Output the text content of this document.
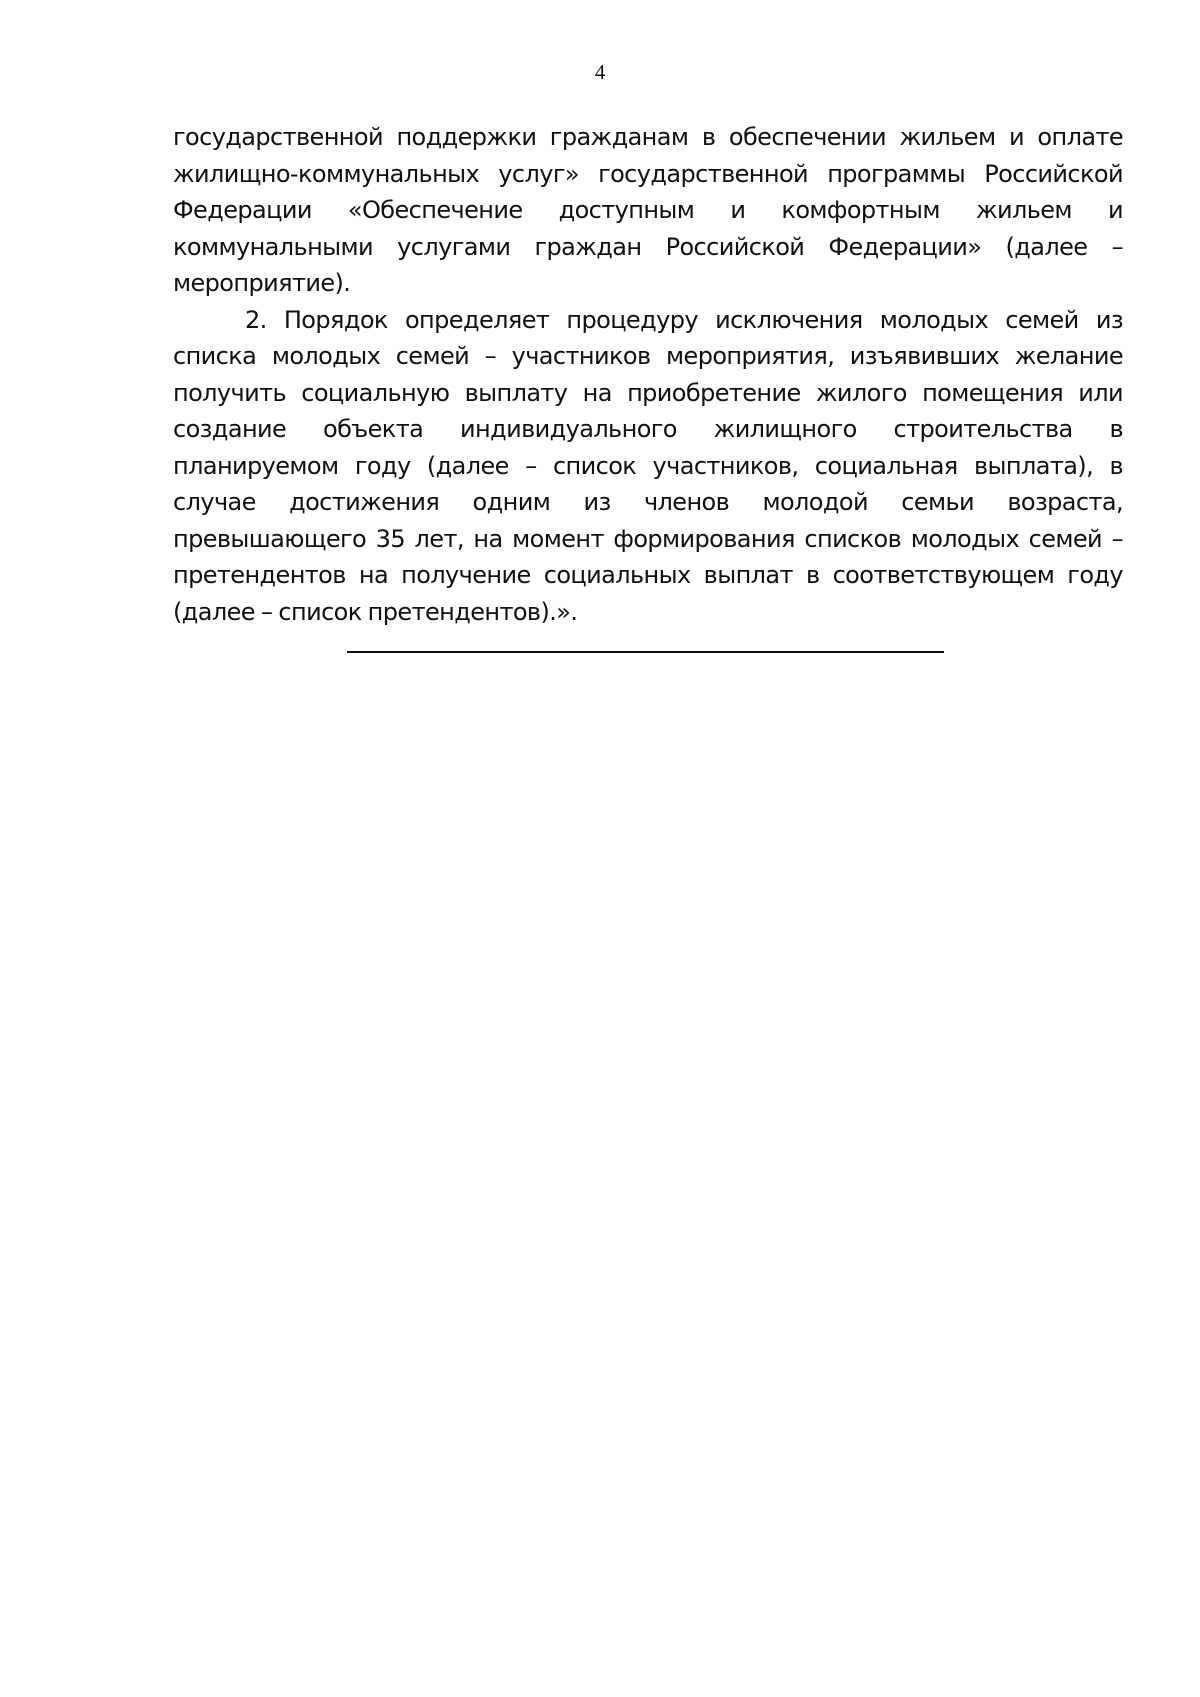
4

государственной поддержки гражданам в обеспечении жильем и оплате жилищно-коммунальных услуг» государственной программы Российской Федерации «Обеспечение доступным и комфортным жильем и коммунальными услугами граждан Российской Федерации» (далее – мероприятие).

2. Порядок определяет процедуру исключения молодых семей из списка молодых семей – участников мероприятия, изъявивших желание получить социальную выплату на приобретение жилого помещения или создание объекта индивидуального жилищного строительства в планируемом году (далее – список участников, социальная выплата), в случае достижения одним из членов молодой семьи возраста, превышающего 35 лет, на момент формирования списков молодых семей – претендентов на получение социальных выплат в соответствующем году (далее – список претендентов).».
